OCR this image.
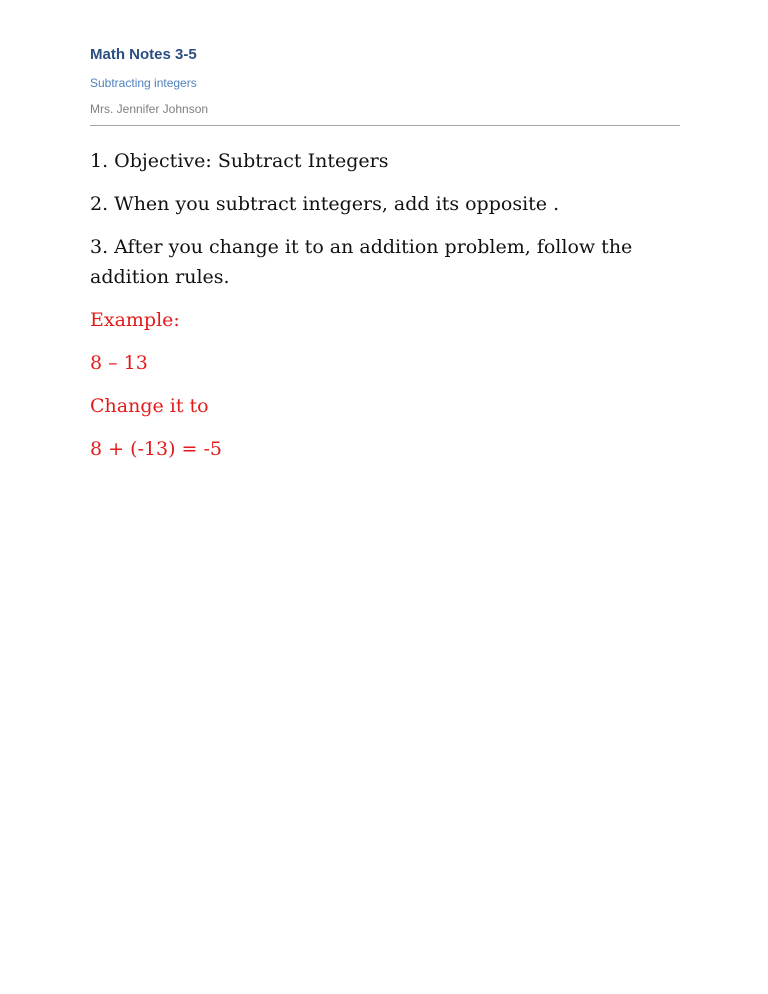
Math Notes 3-5
Subtracting integers
Mrs. Jennifer Johnson

1. Objective: Subtract Integers

2. When you subtract integers, add its opposite .

3. After you change it to an addition problem, follow the addition rules.

Example:

8 – 13

Change it to

8 + (-13) = -5
